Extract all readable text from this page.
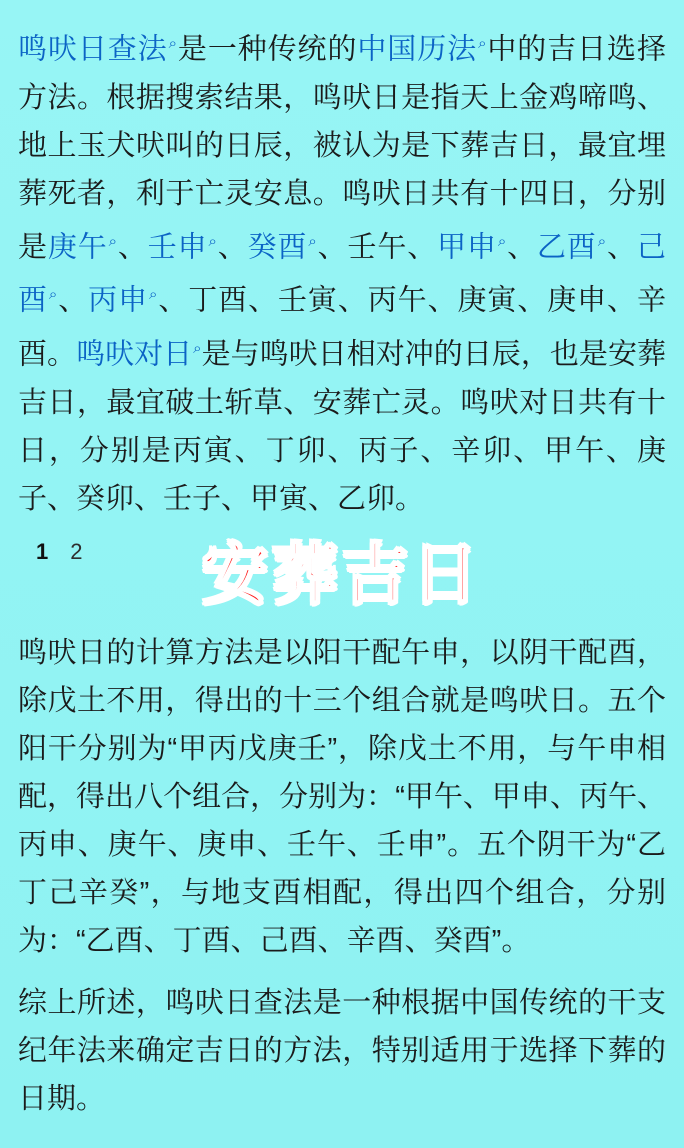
鸣吠日查法⌕是一种传统的中国历法⌕中的吉日选择方法。根据搜索结果，鸣吠日是指天上金鸡啼鸣、地上玉犬吠叫的日辰，被认为是下葬吉日，最宜埋葬死者，利于亡灵安息。鸣吠日共有十四日，分别是庚午⌕、壬申⌕、癸酉⌕、壬午、甲申⌕、乙酉⌕、己酉⌕、丙申⌕、丁酉、壬寅、丙午、庚寅、庚申、辛酉。鸣吠对日⌕是与鸣吠日相对冲的日辰，也是安葬吉日，最宜破土斩草、安葬亡灵。鸣吠对日共有十日，分别是丙寅、丁卯、丙子、辛卯、甲午、庚子、癸卯、壬子、甲寅、乙卯。

1 2	安葬吉日

鸣吠日的计算方法是以阳干配午申，以阴干配酉，除戊土不用，得出的十三个组合就是鸣吠日。五个阳干分别为“甲丙戊庚壬”，除戊土不用，与午申相配，得出八个组合，分别为：“甲午、甲申、丙午、丙申、庚午、庚申、壬午、壬申”。五个阴干为“乙丁己辛癸”，与地支酉相配，得出四个组合，分别为：“乙酉、丁酉、己酉、辛酉、癸酉”。

综上所述，鸣吠日查法是一种根据中国传统的干支纪年法来确定吉日的方法，特别适用于选择下葬的日期。
